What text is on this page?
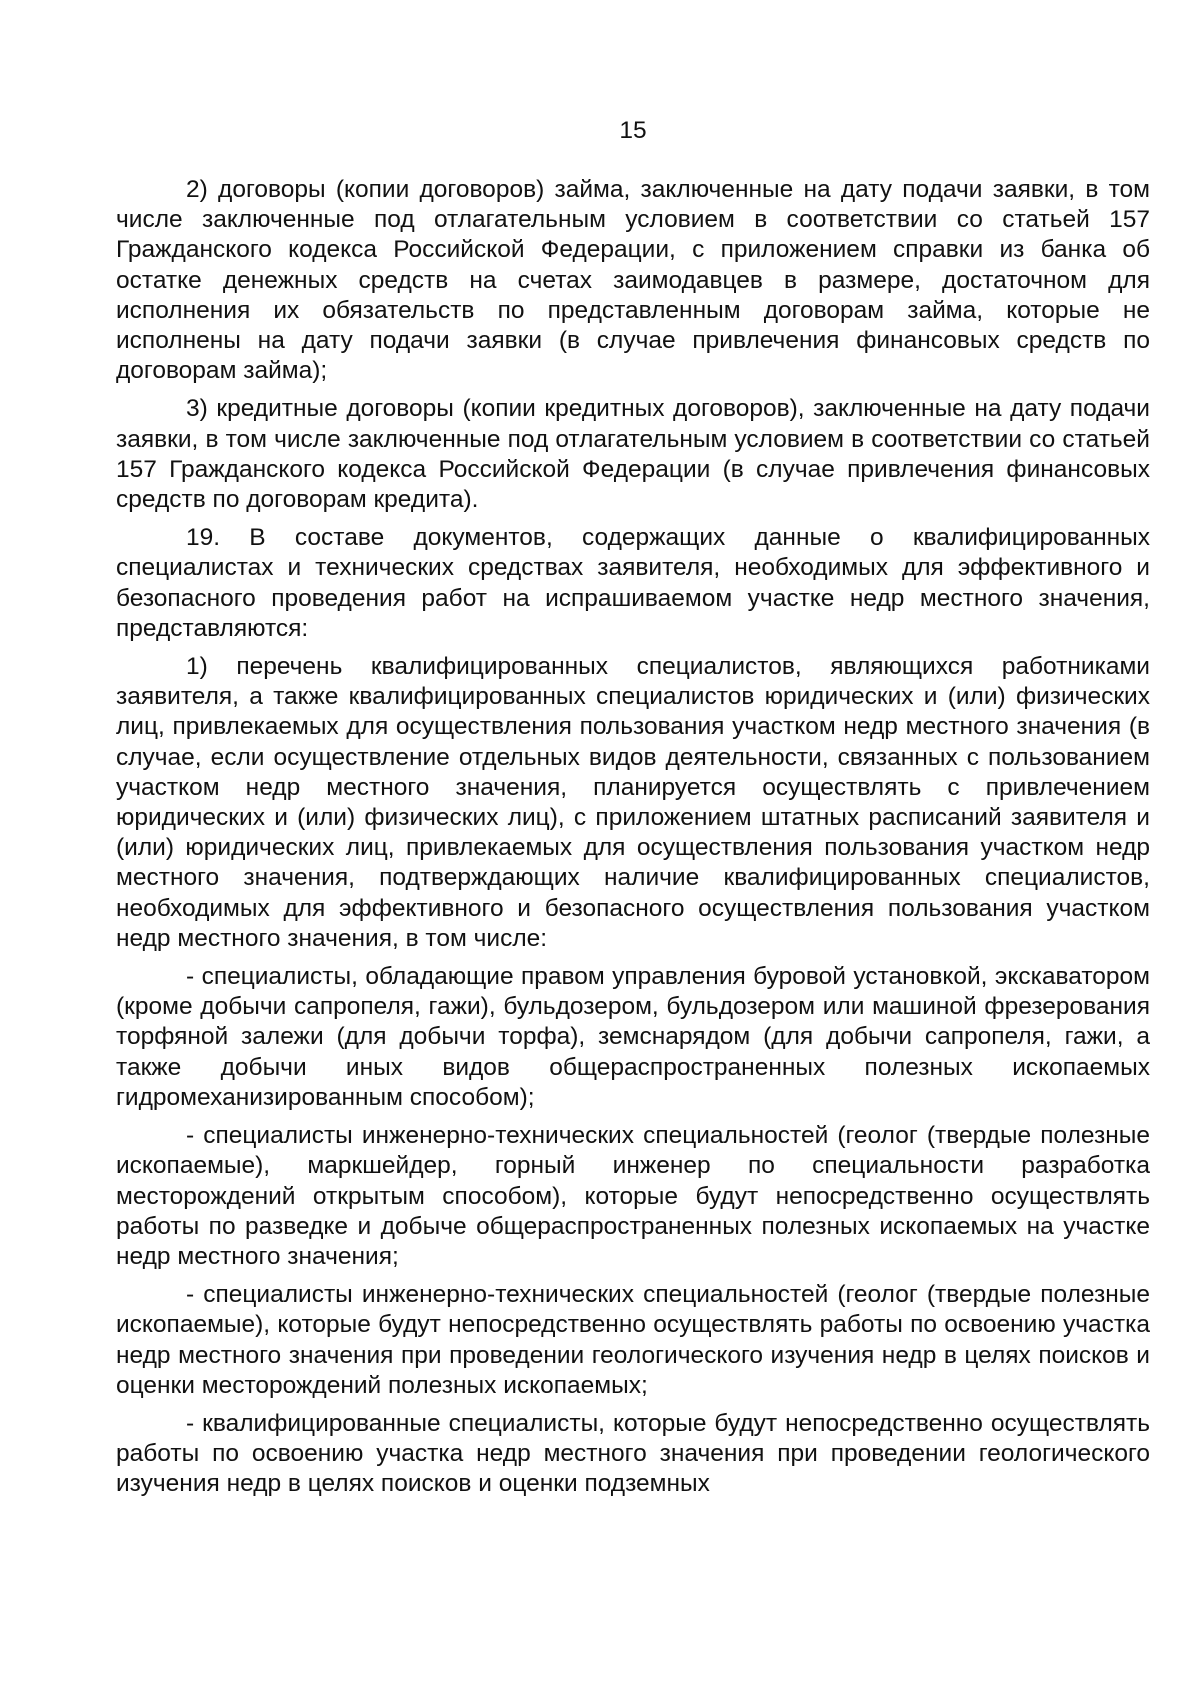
15

2) договоры (копии договоров) займа, заключенные на дату подачи заявки, в том числе заключенные под отлагательным условием в соответствии со статьей 157 Гражданского кодекса Российской Федерации, с приложением справки из банка об остатке денежных средств на счетах заимодавцев в размере, достаточном для исполнения их обязательств по представленным договорам займа, которые не исполнены на дату подачи заявки (в случае привлечения финансовых средств по договорам займа);

3) кредитные договоры (копии кредитных договоров), заключенные на дату подачи заявки, в том числе заключенные под отлагательным условием в соответствии со статьей 157 Гражданского кодекса Российской Федерации (в случае привлечения финансовых средств по договорам кредита).

19. В составе документов, содержащих данные о квалифицированных специалистах и технических средствах заявителя, необходимых для эффективного и безопасного проведения работ на испрашиваемом участке недр местного значения, представляются:

1) перечень квалифицированных специалистов, являющихся работниками заявителя, а также квалифицированных специалистов юридических и (или) физических лиц, привлекаемых для осуществления пользования участком недр местного значения (в случае, если осуществление отдельных видов деятельности, связанных с пользованием участком недр местного значения, планируется осуществлять с привлечением юридических и (или) физических лиц), с приложением штатных расписаний заявителя и (или) юридических лиц, привлекаемых для осуществления пользования участком недр местного значения, подтверждающих наличие квалифицированных специалистов, необходимых для эффективного и безопасного осуществления пользования участком недр местного значения, в том числе:

- специалисты, обладающие правом управления буровой установкой, экскаватором (кроме добычи сапропеля, гажи), бульдозером, бульдозером или машиной фрезерования торфяной залежи (для добычи торфа), земснарядом (для добычи сапропеля, гажи, а также добычи иных видов общераспространенных полезных ископаемых гидромеханизированным способом);

- специалисты инженерно-технических специальностей (геолог (твердые полезные ископаемые), маркшейдер, горный инженер по специальности разработка месторождений открытым способом), которые будут непосредственно осуществлять работы по разведке и добыче общераспространенных полезных ископаемых на участке недр местного значения;

- специалисты инженерно-технических специальностей (геолог (твердые полезные ископаемые), которые будут непосредственно осуществлять работы по освоению участка недр местного значения при проведении геологического изучения недр в целях поисков и оценки месторождений полезных ископаемых;

- квалифицированные специалисты, которые будут непосредственно осуществлять работы по освоению участка недр местного значения при проведении геологического изучения недр в целях поисков и оценки подземных
